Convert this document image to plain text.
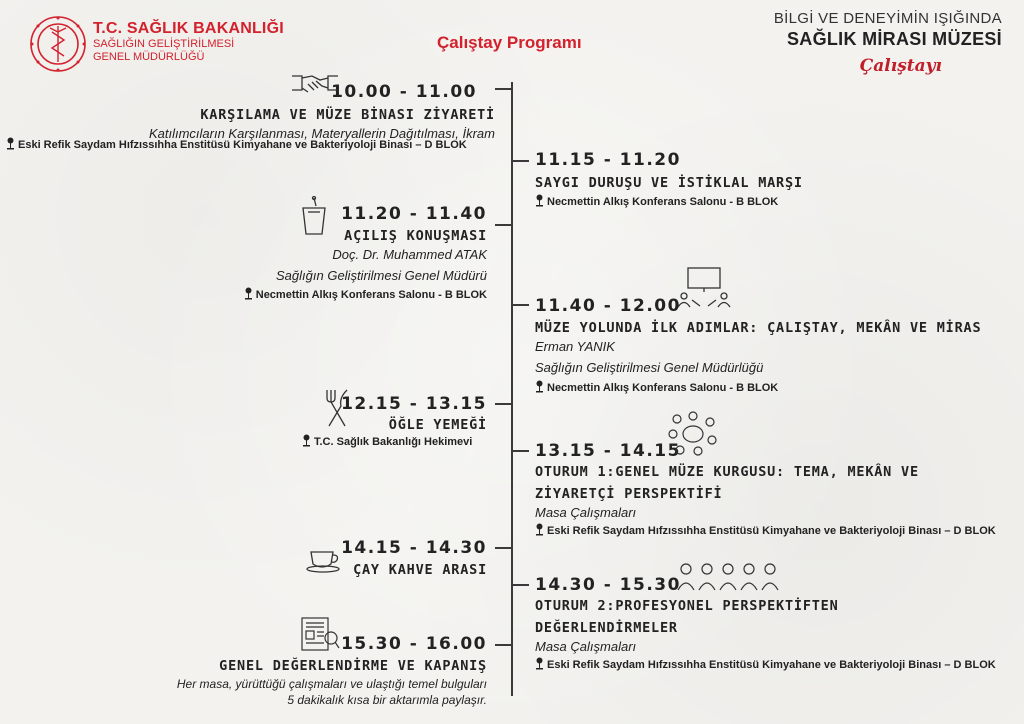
T.C. SAĞLIK BAKANLIĞI
SAĞLIĞIN GELİŞTİRİLMESİ
GENEL MÜDÜRLÜĞÜ
Çalıştay Programı
BİLGİ VE DENEYİMİN IŞIĞINDA
SAĞLIK MİRASI MÜZESİ
Çalıştayı
10.00 - 11.00
KARŞILAMA VE MÜZE BİNASI ZİYARETİ
Katılımcıların Karşılanması, Materyallerin Dağıtılması, İkram
Eski Refik Saydam Hıfzıssıhha Enstitüsü Kimyahane ve Bakteriyoloji Binası – D BLOK
11.15 - 11.20
SAYGI DURUŞU VE İSTİKLAL MARŞI
Necmettin Alkış Konferans Salonu - B BLOK
11.20 - 11.40
AÇILIŞ KONUŞMASI
Doç. Dr. Muhammed ATAK
Sağlığın Geliştirilmesi Genel Müdürü
Necmettin Alkış Konferans Salonu - B BLOK
11.40 - 12.00
MÜZE YOLUNDA İLK ADIMLAR: ÇALIŞTAY, MEKÂN VE MİRAS
Erman YANIK
Sağlığın Geliştirilmesi Genel Müdürlüğü
Necmettin Alkış Konferans Salonu - B BLOK
12.15 - 13.15
ÖĞLE YEMEĞİ
T.C. Sağlık Bakanlığı Hekimevi	13.15 - 14.15
OTURUM 1:GENEL MÜZE KURGUSU: TEMA, MEKÂN VE
ZİYARETÇİ PERSPEKTİFİ
Masa Çalışmaları
Eski Refik Saydam Hıfzıssıhha Enstitüsü Kimyahane ve Bakteriyoloji Binası – D BLOK
14.15 - 14.30
ÇAY KAHVE ARASI
14.30 - 15.30
OTURUM 2:PROFESYONEL PERSPEKTİFTEN
DEĞERLENDİRMELER
Masa Çalışmaları
Eski Refik Saydam Hıfzıssıhha Enstitüsü Kimyahane ve Bakteriyoloji Binası – D BLOK
15.30 - 16.00
GENEL DEĞERLENDİRME VE KAPANIŞ
Her masa, yürüttüğü çalışmaları ve ulaştığı temel bulguları
5 dakikalık kısa bir aktarımla paylaşır.
